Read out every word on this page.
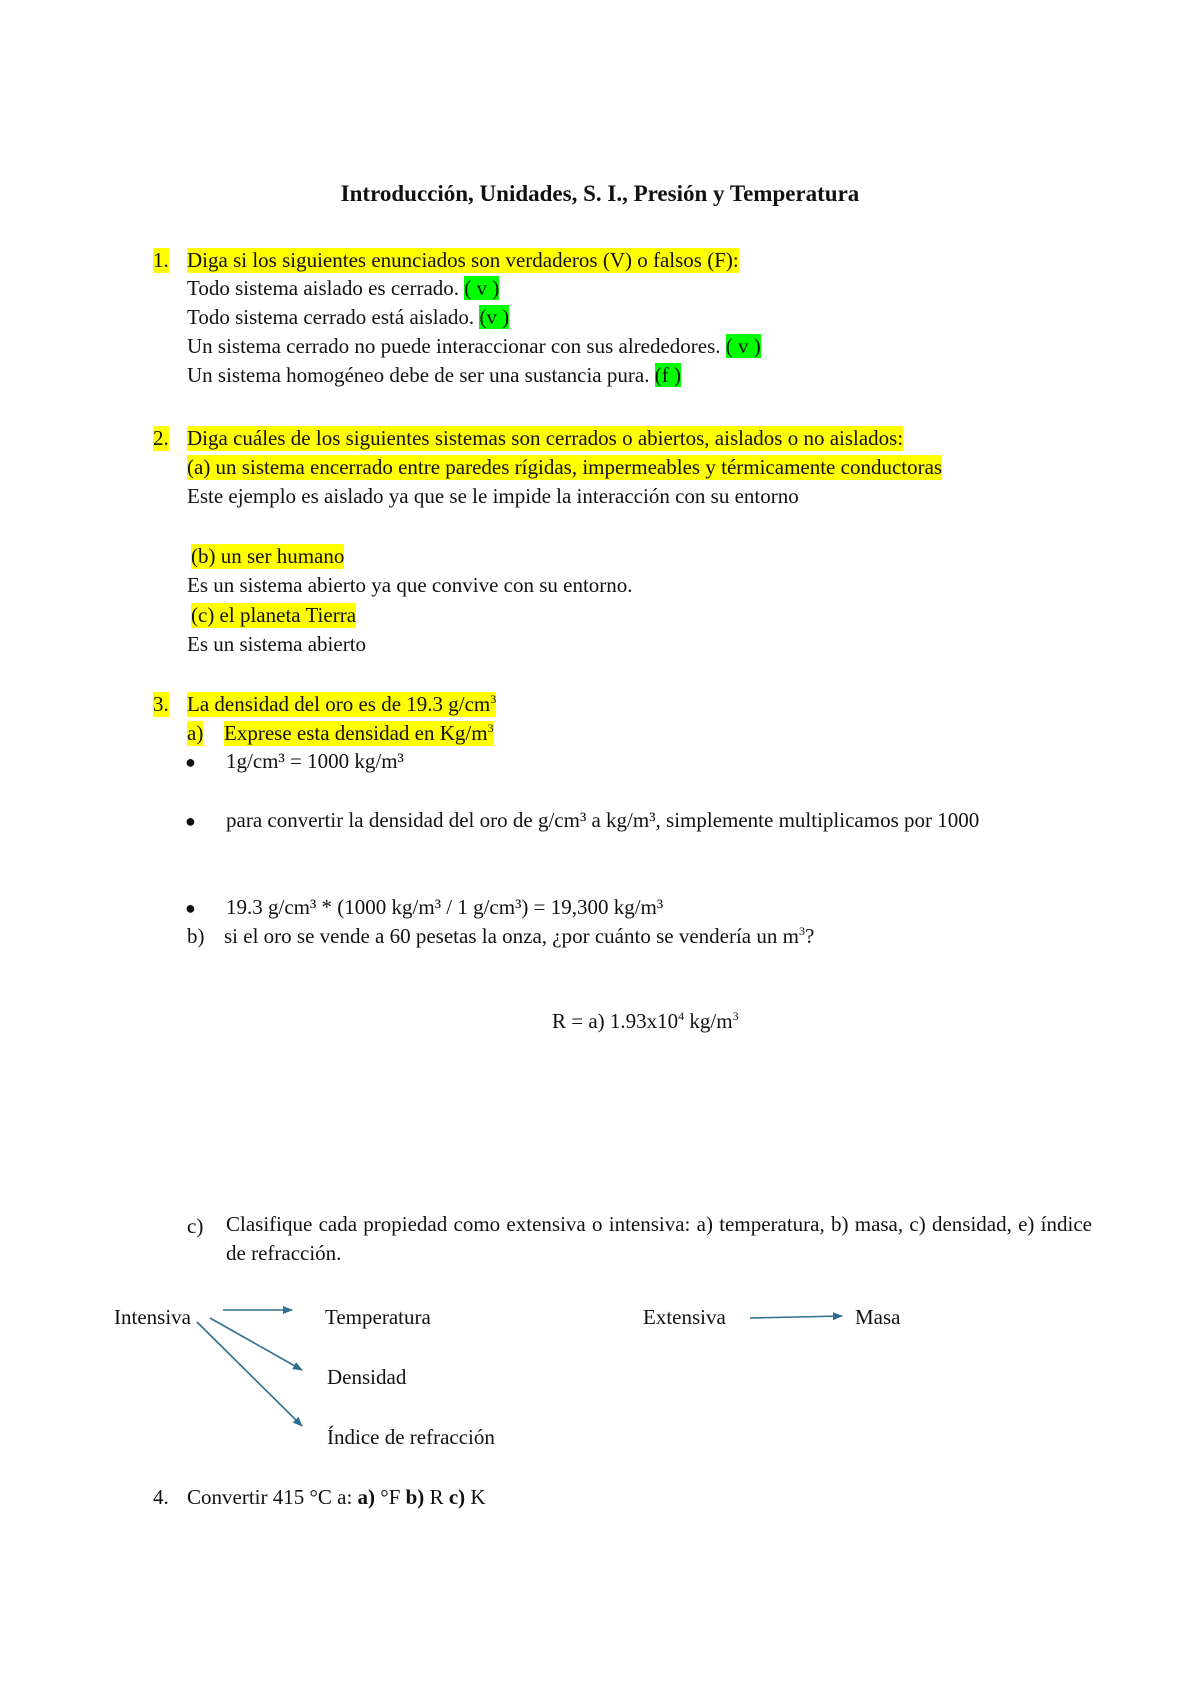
Introducción, Unidades, S. I., Presión y Temperatura
1. Diga si los siguientes enunciados son verdaderos (V) o falsos (F):
Todo sistema aislado es cerrado. ( v )
Todo sistema cerrado está aislado. (v )
Un sistema cerrado no puede interaccionar con sus alrededores. ( v )
Un sistema homogéneo debe de ser una sustancia pura. (f )
2. Diga cuáles de los siguientes sistemas son cerrados o abiertos, aislados o no aislados:
(a) un sistema encerrado entre paredes rígidas, impermeables y térmicamente conductoras
Este ejemplo es aislado ya que se le impide la interacción con su entorno
(b) un ser humano
Es un sistema abierto ya que convive con su entorno.
(c) el planeta Tierra
Es un sistema abierto
3. La densidad del oro es de 19.3 $g/cm^3$
a) Exprese esta densidad en $Kg/m^3$
● 1g/cm³ = 1000 kg/m³
● para convertir la densidad del oro de g/cm³ a kg/m³, simplemente multiplicamos por 1000
● 19.3 g/cm³ * (1000 kg/m³ / 1 g/cm³) = 19,300 kg/m³
b) si el oro se vende a 60 pesetas la onza, ¿por cuánto se vendería un $m^3$?
R = a) $1.93x10^4$ $kg/m^3$
c) Clasifique cada propiedad como extensiva o intensiva: a) temperatura, b) masa, c) densidad, e) índice de refracción.
Intensiva	Temperatura
Densidad
Índice de refracción
Extensiva	Masa
4. Convertir 415 °C a: a) °F b) R c) K
